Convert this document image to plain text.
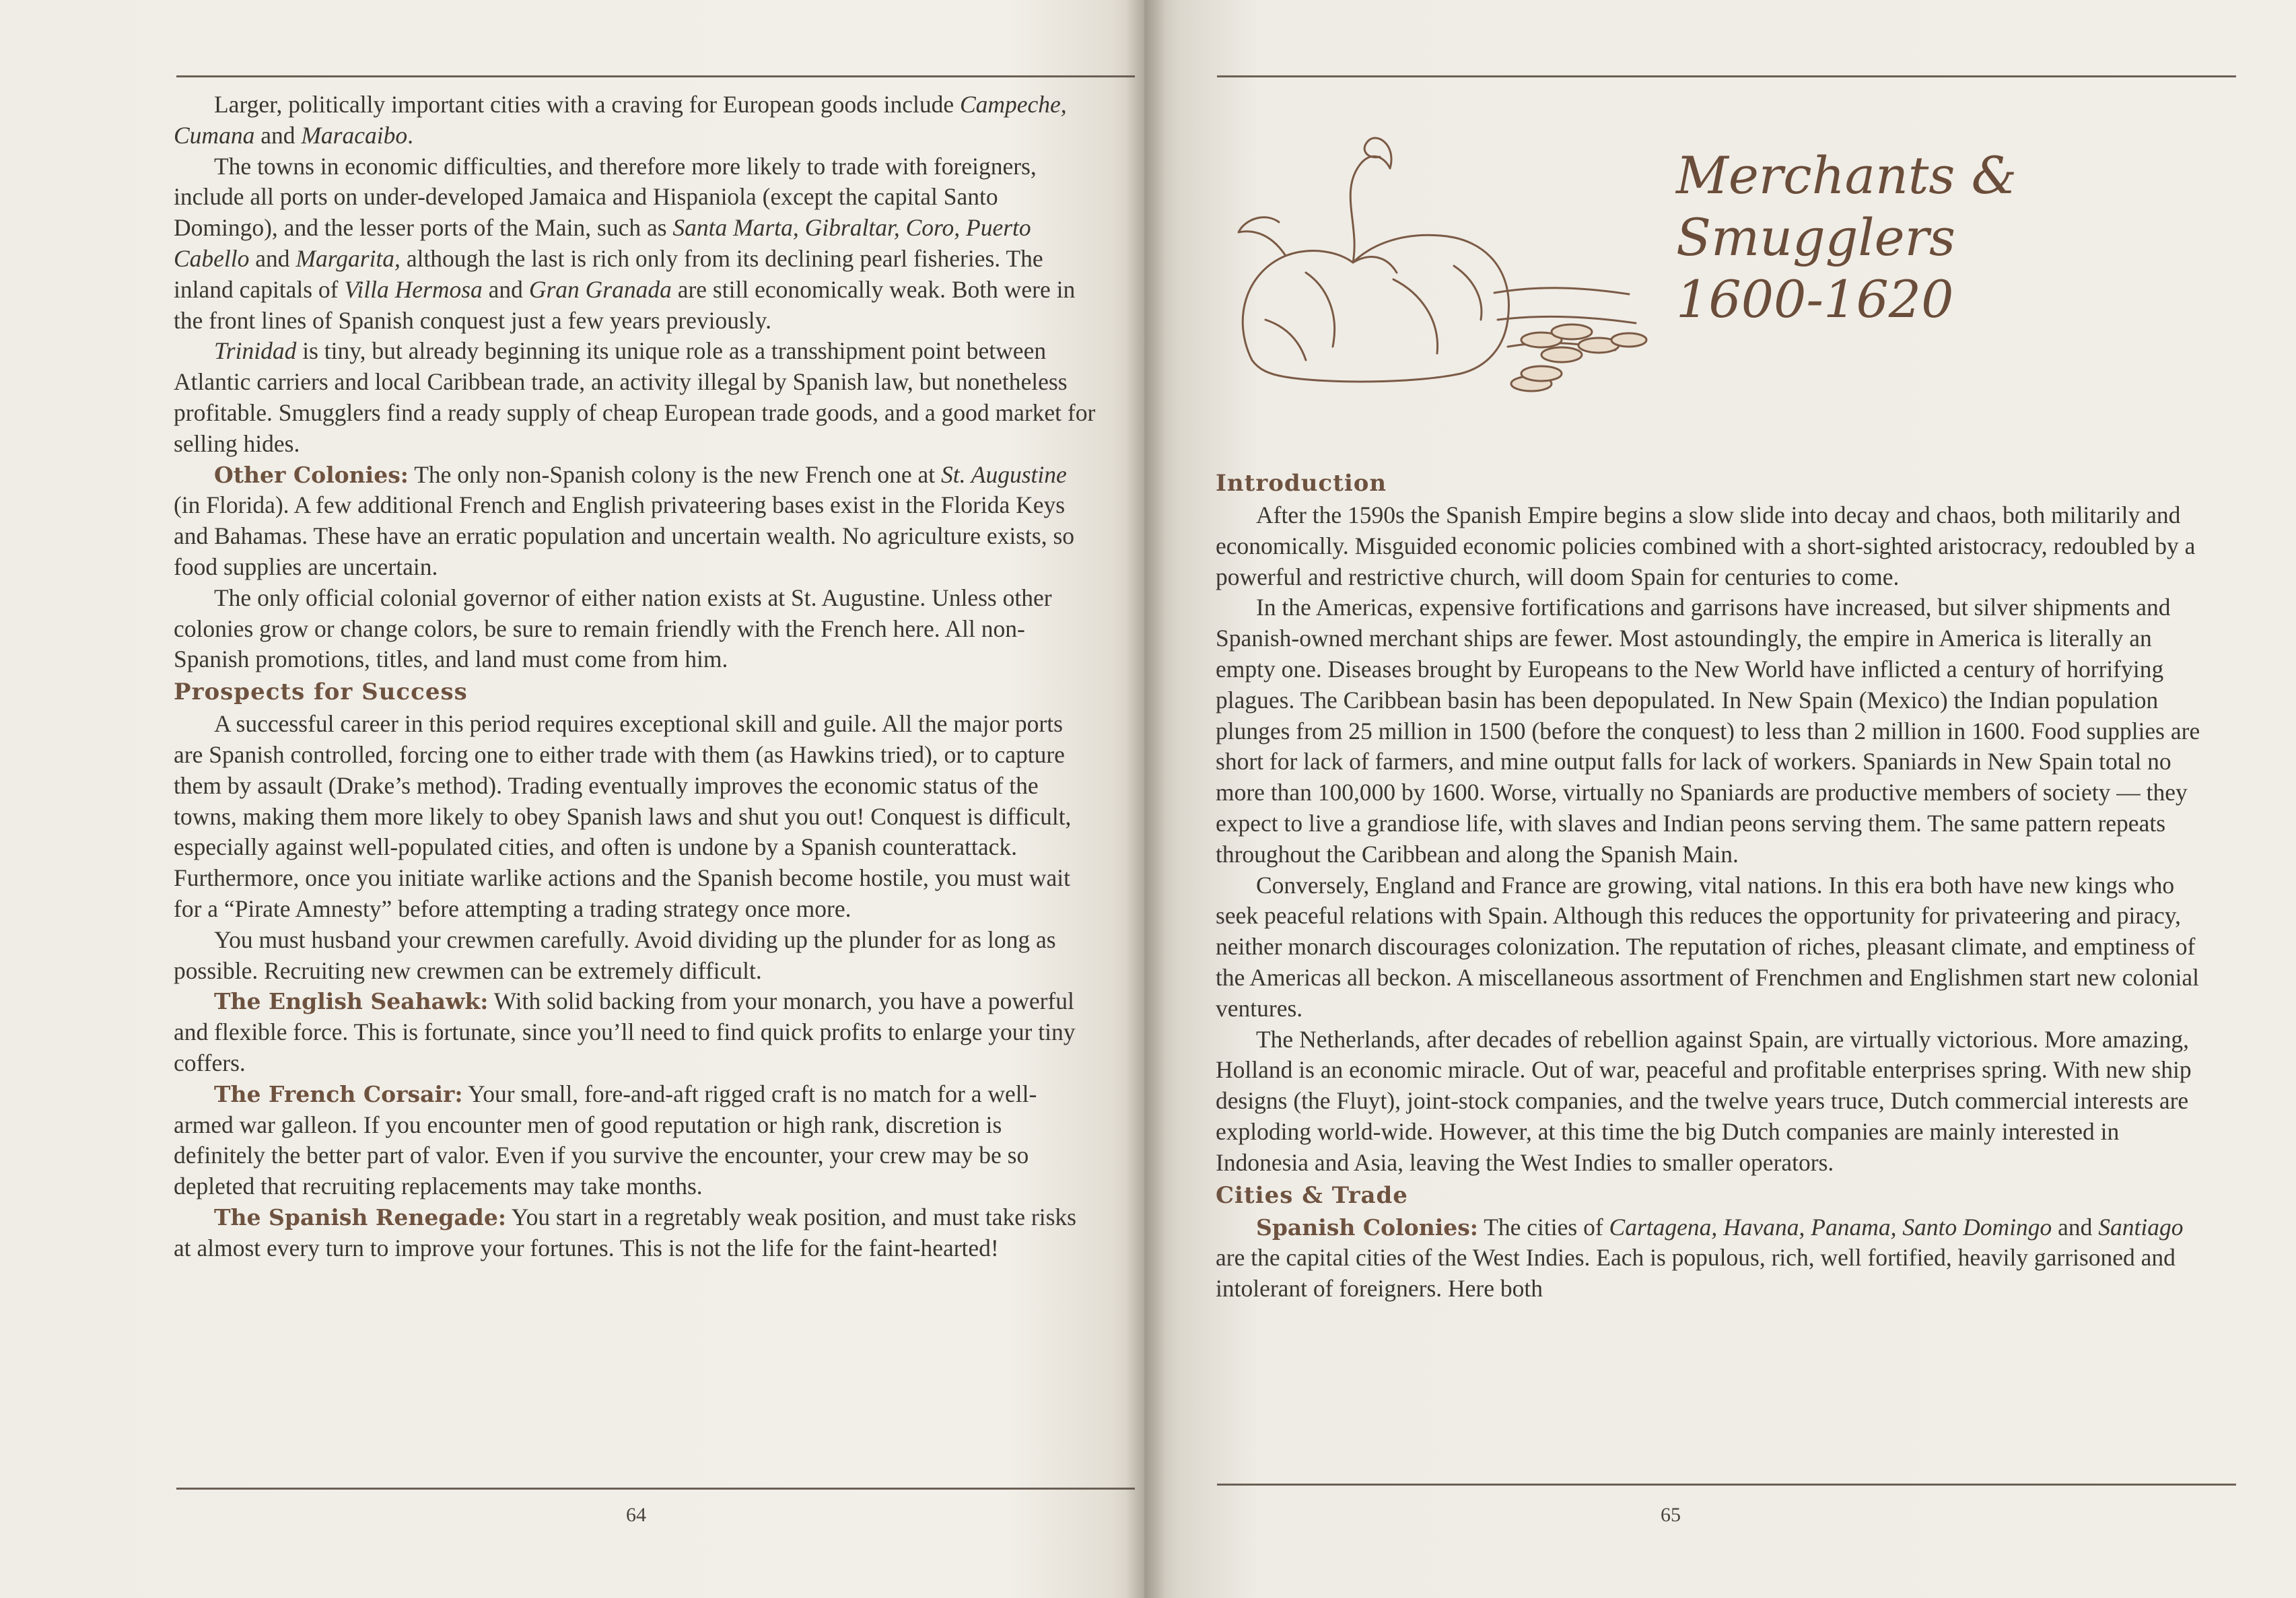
Larger, politically important cities with a craving for European goods include Campeche, Cumana and Maracaibo.

The towns in economic difficulties, and therefore more likely to trade with foreigners, include all ports on under-developed Jamaica and Hispaniola (except the capital Santo Domingo), and the lesser ports of the Main, such as Santa Marta, Gibraltar, Coro, Puerto Cabello and Margarita, although the last is rich only from its declining pearl fisheries. The inland capitals of Villa Hermosa and Gran Granada are still economically weak. Both were in the front lines of Spanish conquest just a few years previously.

Trinidad is tiny, but already beginning its unique role as a transshipment point between Atlantic carriers and local Caribbean trade, an activity illegal by Spanish law, but nonetheless profitable. Smugglers find a ready supply of cheap European trade goods, and a good market for selling hides.

Other Colonies: The only non-Spanish colony is the new French one at St. Augustine (in Florida). A few additional French and English privateering bases exist in the Florida Keys and Bahamas. These have an erratic population and uncertain wealth. No agriculture exists, so food supplies are uncertain.

The only official colonial governor of either nation exists at St. Augustine. Unless other colonies grow or change colors, be sure to remain friendly with the French here. All non-Spanish promotions, titles, and land must come from him.

Prospects for Success

A successful career in this period requires exceptional skill and guile. All the major ports are Spanish controlled, forcing one to either trade with them (as Hawkins tried), or to capture them by assault (Drake’s method). Trading eventually improves the economic status of the towns, making them more likely to obey Spanish laws and shut you out! Conquest is difficult, especially against well-populated cities, and often is undone by a Spanish counterattack. Furthermore, once you initiate warlike actions and the Spanish become hostile, you must wait for a “Pirate Amnesty” before attempting a trading strategy once more.

You must husband your crewmen carefully. Avoid dividing up the plunder for as long as possible. Recruiting new crewmen can be extremely difficult.

The English Seahawk: With solid backing from your monarch, you have a powerful and flexible force. This is fortunate, since you’ll need to find quick profits to enlarge your tiny coffers.

The French Corsair: Your small, fore-and-aft rigged craft is no match for a well-armed war galleon. If you encounter men of good reputation or high rank, discretion is definitely the better part of valor. Even if you survive the encounter, your crew may be so depleted that recruiting replacements may take months.

The Spanish Renegade: You start in a regretably weak position, and must take risks at almost every turn to improve your fortunes. This is not the life for the faint-hearted!

64
Merchants &
Smugglers
1600-1620
Introduction

After the 1590s the Spanish Empire begins a slow slide into decay and chaos, both militarily and economically. Misguided economic policies combined with a short-sighted aristocracy, redoubled by a powerful and restrictive church, will doom Spain for centuries to come.

In the Americas, expensive fortifications and garrisons have increased, but silver shipments and Spanish-owned merchant ships are fewer. Most astoundingly, the empire in America is literally an empty one. Diseases brought by Europeans to the New World have inflicted a century of horrifying plagues. The Caribbean basin has been depopulated. In New Spain (Mexico) the Indian population plunges from 25 million in 1500 (before the conquest) to less than 2 million in 1600. Food supplies are short for lack of farmers, and mine output falls for lack of workers. Spaniards in New Spain total no more than 100,000 by 1600. Worse, virtually no Spaniards are productive members of society — they expect to live a grandiose life, with slaves and Indian peons serving them. The same pattern repeats throughout the Caribbean and along the Spanish Main.

Conversely, England and France are growing, vital nations. In this era both have new kings who seek peaceful relations with Spain. Although this reduces the opportunity for privateering and piracy, neither monarch discourages colonization. The reputation of riches, pleasant climate, and emptiness of the Americas all beckon. A miscellaneous assortment of Frenchmen and Englishmen start new colonial ventures.

The Netherlands, after decades of rebellion against Spain, are virtually victorious. More amazing, Holland is an economic miracle. Out of war, peaceful and profitable enterprises spring. With new ship designs (the Fluyt), joint-stock companies, and the twelve years truce, Dutch commercial interests are exploding world-wide. However, at this time the big Dutch companies are mainly interested in Indonesia and Asia, leaving the West Indies to smaller operators.

Cities & Trade

Spanish Colonies: The cities of Cartagena, Havana, Panama, Santo Domingo and Santiago are the capital cities of the West Indies. Each is populous, rich, well fortified, heavily garrisoned and intolerant of foreigners. Here both

65
